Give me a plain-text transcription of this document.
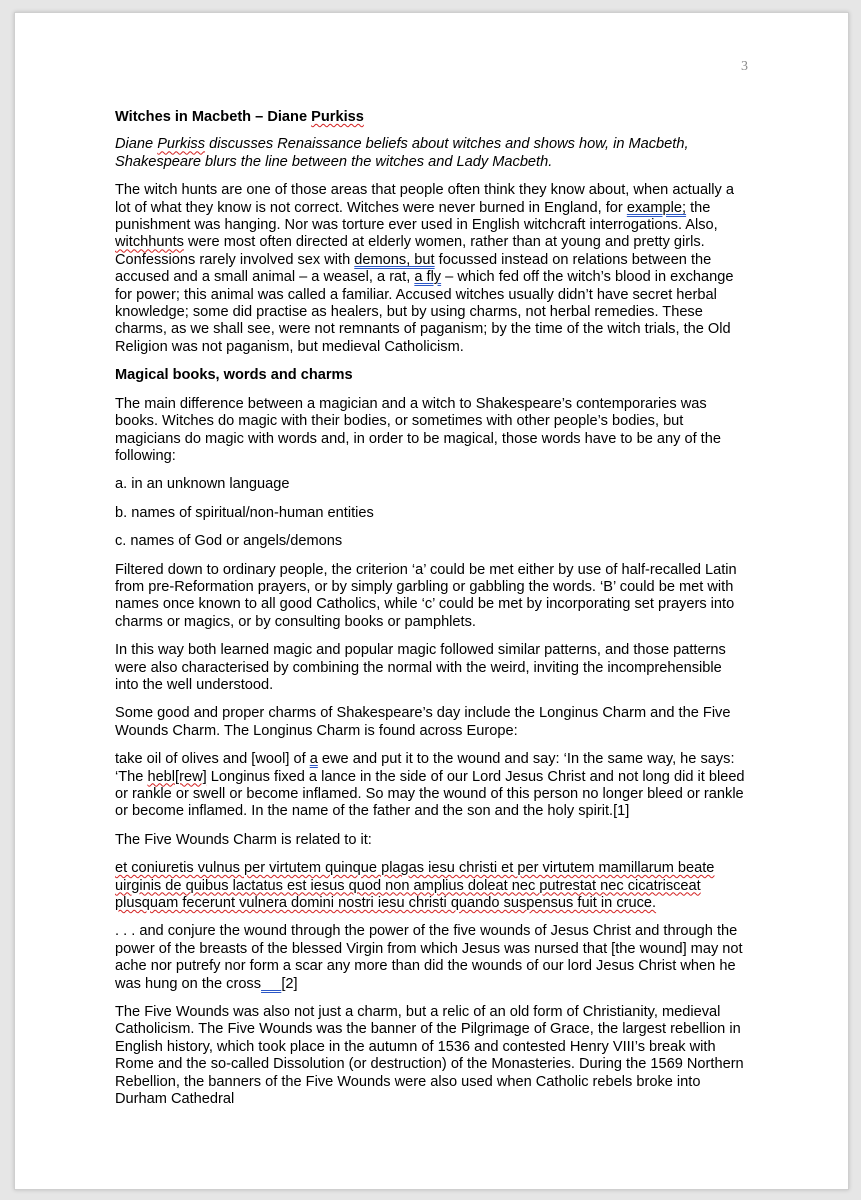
3
Witches in Macbeth – Diane Purkiss

Diane Purkiss discusses Renaissance beliefs about witches and shows how, in Macbeth, Shakespeare blurs the line between the witches and Lady Macbeth.

The witch hunts are one of those areas that people often think they know about, when actually a lot of what they know is not correct. Witches were never burned in England, for example; the punishment was hanging. Nor was torture ever used in English witchcraft interrogations. Also, witchhunts were most often directed at elderly women, rather than at young and pretty girls. Confessions rarely involved sex with demons, but focussed instead on relations between the accused and a small animal – a weasel, a rat, a fly – which fed off the witch’s blood in exchange for power; this animal was called a familiar. Accused witches usually didn’t have secret herbal knowledge; some did practise as healers, but by using charms, not herbal remedies. These charms, as we shall see, were not remnants of paganism; by the time of the witch trials, the Old Religion was not paganism, but medieval Catholicism.

Magical books, words and charms

The main difference between a magician and a witch to Shakespeare’s contemporaries was books. Witches do magic with their bodies, or sometimes with other people’s bodies, but magicians do magic with words and, in order to be magical, those words have to be any of the following:

a. in an unknown language

b. names of spiritual/non-human entities

c. names of God or angels/demons

Filtered down to ordinary people, the criterion ‘a’ could be met either by use of half-recalled Latin from pre-Reformation prayers, or by simply garbling or gabbling the words. ‘B’ could be met with names once known to all good Catholics, while ‘c’ could be met by incorporating set prayers into charms or magics, or by consulting books or pamphlets.

In this way both learned magic and popular magic followed similar patterns, and those patterns were also characterised by combining the normal with the weird, inviting the incomprehensible into the well understood.

Some good and proper charms of Shakespeare’s day include the Longinus Charm and the Five Wounds Charm. The Longinus Charm is found across Europe:

take oil of olives and [wool] of a ewe and put it to the wound and say: ‘In the same way, he says: ‘The hebl[rew] Longinus fixed a lance in the side of our Lord Jesus Christ and not long did it bleed or rankle or swell or become inflamed. So may the wound of this person no longer bleed or rankle or become inflamed. In the name of the father and the son and the holy spirit.[1]

The Five Wounds Charm is related to it:

et coniuretis vulnus per virtutem quinque plagas iesu christi et per virtutem mamillarum beate uirginis de quibus lactatus est iesus quod non amplius doleat nec putrestat nec cicatrisceat plusquam fecerunt vulnera domini nostri iesu christi quando suspensus fuit in cruce.

. . . and conjure the wound through the power of the five wounds of Jesus Christ and through the power of the breasts of the blessed Virgin from which Jesus was nursed that [the wound] may not ache nor putrefy nor form a scar any more than did the wounds of our lord Jesus Christ when he was hung on the cross [2]

The Five Wounds was also not just a charm, but a relic of an old form of Christianity, medieval Catholicism. The Five Wounds was the banner of the Pilgrimage of Grace, the largest rebellion in English history, which took place in the autumn of 1536 and contested Henry VIII’s break with Rome and the so-called Dissolution (or destruction) of the Monasteries. During the 1569 Northern Rebellion, the banners of the Five Wounds were also used when Catholic rebels broke into Durham Cathedral
